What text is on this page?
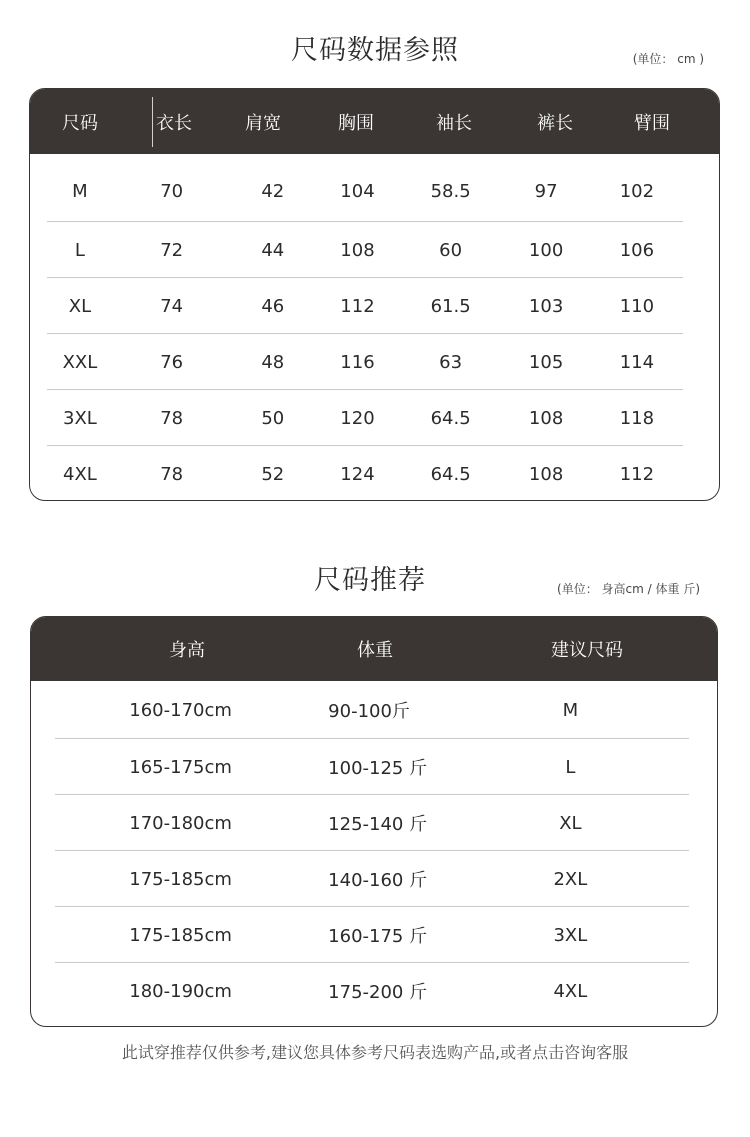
尺码数据参照	(单位： cm )
尺码	衣长	肩宽	胸围	袖长	裤长	臂围
M	70	42	104	58.5	97	102
L	72	44	108	60	100	106
XL	74	46	112	61.5	103	110
XXL	76	48	116	63	105	114
3XL	78	50	120	64.5	108	118
4XL	78	52	124	64.5	108	112
尺码推荐	(单位： 身高cm / 体重 斤)
身高	体重	建议尺码
160-170cm	90-100斤	M
165-175cm	100-125 斤	L
170-180cm	125-140 斤	XL
175-185cm	140-160 斤	2XL
175-185cm	160-175 斤	3XL
180-190cm	175-200 斤	4XL
此试穿推荐仅供参考,建议您具体参考尺码表选购产品,或者点击咨询客服
